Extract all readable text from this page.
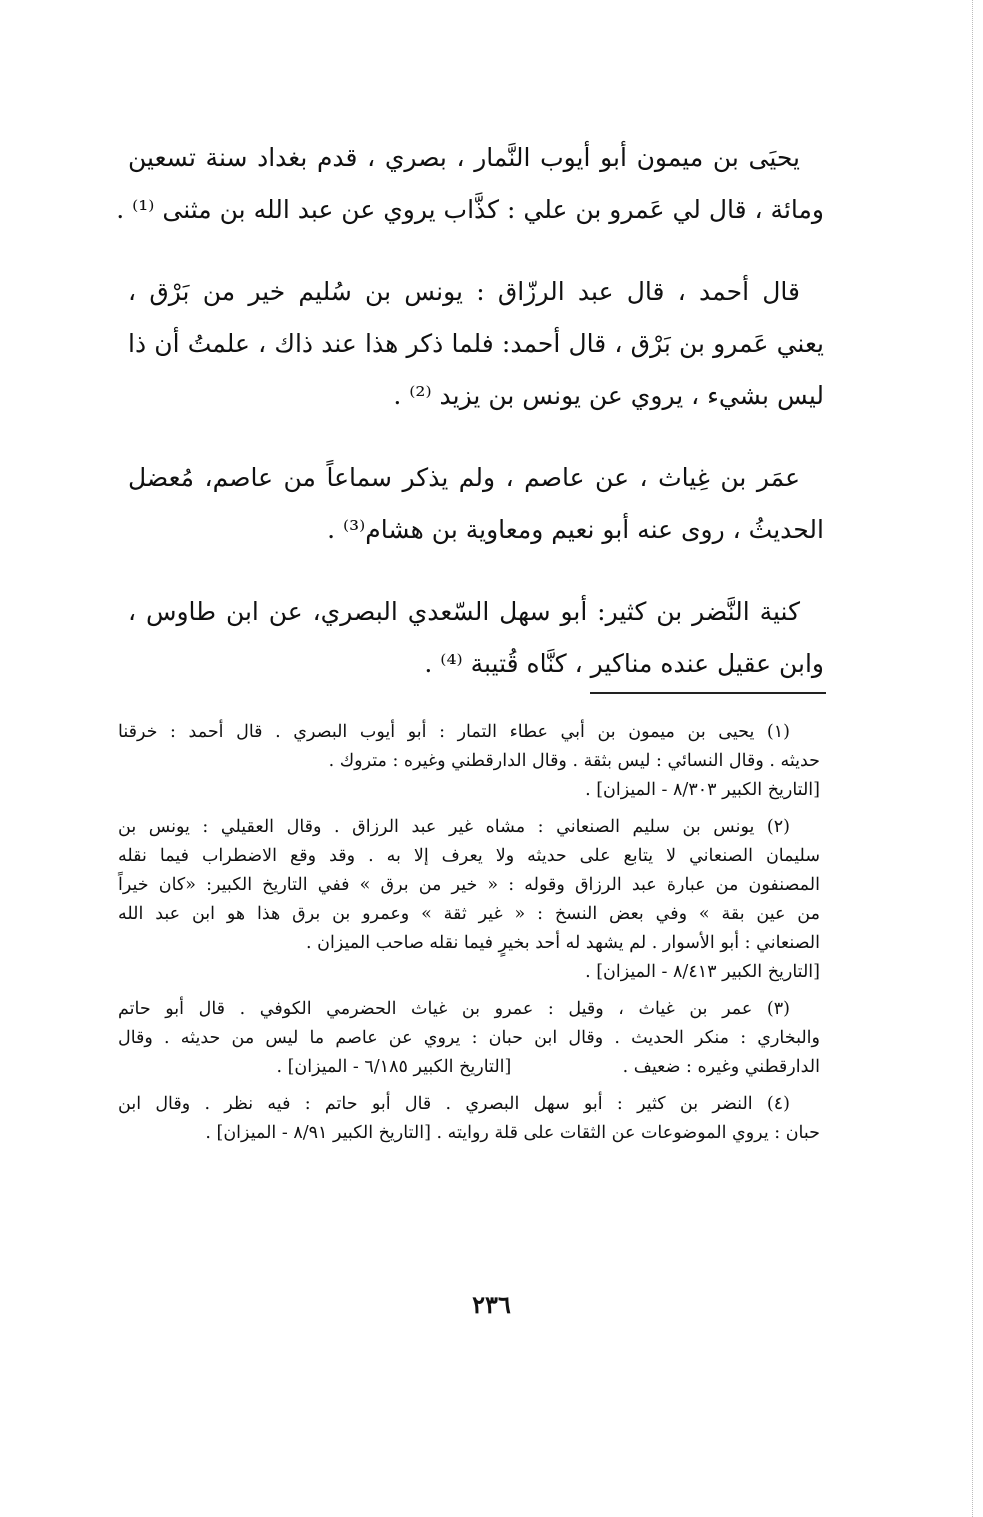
يحيَى بن ميمون أبو أيوب النَّمار ، بصري ، قدم بغداد سنة تسعين
ومائة ، قال لي عَمرو بن علي : كذَّاب يروي عن عبد الله بن مثنى ⁽¹⁾ .
قال أحمد ، قال عبد الرزّاق : يونس بن سُليم خير من بَرْق ،
يعني عَمرو بن بَرْق ، قال أحمد: فلما ذكر هذا عند ذاك ، علمتُ أن ذا
ليس بشيء ، يروي عن يونس بن يزيد ⁽²⁾ .
عمَر بن غِياث ، عن عاصم ، ولم يذكر سماعاً من عاصم، مُعضل
الحديثُ ، روى عنه أبو نعيم ومعاوية بن هشام⁽³⁾ .
كنية النَّضر بن كثير: أبو سهل السّعدي البصري، عن ابن طاوس ،
وابن عقيل عنده مناكير ، كنَّاه قُتيبة ⁽⁴⁾ .
(١) يحيى بن ميمون بن أبي عطاء التمار : أبو أيوب البصري . قال أحمد : خرقنا
حديثه . وقال النسائي : ليس بثقة . وقال الدارقطني وغيره : متروك .
[التاريخ الكبير ٨/٣٠٣ - الميزان] .
(٢) يونس بن سليم الصنعاني : مشاه غير عبد الرزاق . وقال العقيلي : يونس بن
سليمان الصنعاني لا يتابع على حديثه ولا يعرف إلا به . وقد وقع الاضطراب فيما نقله
المصنفون من عبارة عبد الرزاق وقوله : « خير من برق » ففي التاريخ الكبير: «كان خيراً
من عين بقة » وفي بعض النسخ : « غير ثقة » وعمرو بن برق هذا هو ابن عبد الله
الصنعاني : أبو الأسوار . لم يشهد له أحد بخيرٍ فيما نقله صاحب الميزان .
[التاريخ الكبير ٨/٤١٣ - الميزان] .
(٣) عمر بن غياث ، وقيل : عمرو بن غياث الحضرمي الكوفي . قال أبو حاتم
والبخاري : منكر الحديث . وقال ابن حبان : يروي عن عاصم ما ليس من حديثه . وقال
الدارقطني وغيره : ضعيف .                    [التاريخ الكبير ٦/١٨٥ - الميزان] .
(٤) النضر بن كثير : أبو سهل البصري . قال أبو حاتم : فيه نظر . وقال ابن
حبان : يروي الموضوعات عن الثقات على قلة روايته . [التاريخ الكبير ٨/٩١ - الميزان] .
٢٣٦
